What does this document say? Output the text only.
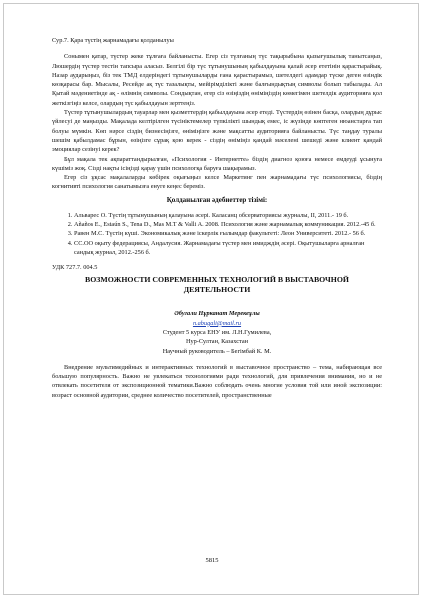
Сур.7. Қара түстің жарнамадағы қолданылуы

Сонымен қатар, түстер жеке тұлғаға байланысты. Егер сіз түлғаның түс тақырыбына қызығушылық танытсаңыз, Люшердің түстер тестін тапсыра аласыз. Белгілі бір түс тұтынушының қабылдауына қалай әсер ететінін қарастырайық. Назар аударыңыз, біз тек ТМД елдеріндегі тұтынушыларды ғана қарастырамыз, шетелдегі адамдар түске деген өзіндік көзқарасы бар. Мысалы, Ресейде ақ түс тазалықты, мейірімділікті және балғындықтың символы болып табылады. Ал Қытай мәдениетінде ақ - өлімнің символы. Сондықтан, егер сіз өзіңіздің өніміңіздің көмегімен шетелдік аудиторияға қол жеткізгіңіз келсе, олардың түс қабылдауын зерттеңіз.

Түстер тұтынушылардың тауарлар мен қызметтердің қабылдауына әсер етеді. Түстердің өзінен басқа, олардың дұрыс үйлесуі де маңызды. Мақалада келтірілген түсініктемелер түпкілікті шындық емес, іс жүзінде көптеген нюанстарға тап болуы мүмкін. Көп нәрсе сіздің бизнесіңізге, өніміңізге және мақсатты аудиторияға байланысты. Түс таңдау туралы шешім қабылдамас бұрын, өзіңізге сұрақ қою керек - сіздің өніміңіз қандай мәселені шешеді және клиент қандай эмоциялар сезінуі керек?

Бұл мақала тек ақпараттандырылған, «Психология - Интернетте» біздің диагноз қоюға немесе емдеуді ұсынуға күшіміз жоқ. Сізді нақты ісіңізді қарау үшін психологқа баруға шақырамыз.

Егер сіз ұқсас мақалаларды көбірек оқығыңыз келсе Маркетинг пен жарнамадағы түс психологиясы, біздің когнитивті психология санатымызға енуге кеңес береміз.

Қолданылған әдебиеттер тізімі:

1. Альварес О. Түстің тұтынушының қалауына әсері. Каласанц обсерваториясы журналы, II, 2011.- 19 б.
2. Añaños E., Estaún S., Tena D., Mas M.T & Valli A. 2008. Психология және жарнамалық коммуникация. 2012.-45 б.
3. Равен М.С. Түстің күші. Экономикалық және іскерлік ғылымдар факультеті: Леон Университеті. 2012.- 56 б.
4. СС.ОО оқыту федерациясы, Андалусия. Жарнамадағы түстер мен имидждің әсері. Оқытушыларға арналған сандық журнал, 2012.-256 б.

УДК 727.7. 004.5

ВОЗМОЖНОСТИ СОВРЕМЕННЫХ ТЕХНОЛОГИЙ В ВЫСТАВОЧНОЙ ДЕЯТЕЛЬНОСТИ

Әбугали Нұрканат Мерекеұлы

n.abugali@mail.ru

Студент 5 курса ЕНУ им. Л.Н.Гумилева,

Нур-Султан, Казахстан

Научный руководитель – Бегімбай К. М.

Внедрение мультимедийных и интерактивных технологий в выставочное пространство – тема, набирающая все большую популярность. Важно не увлекаться технологиями ради технологий, для привлечения внимания, но и не отвлекать посетителя от экспозиционной тематики.Важно соблюдать очень многие условия той или иной экспозиции: возраст основной аудитории, среднее количество посетителей, пространственные

5815
